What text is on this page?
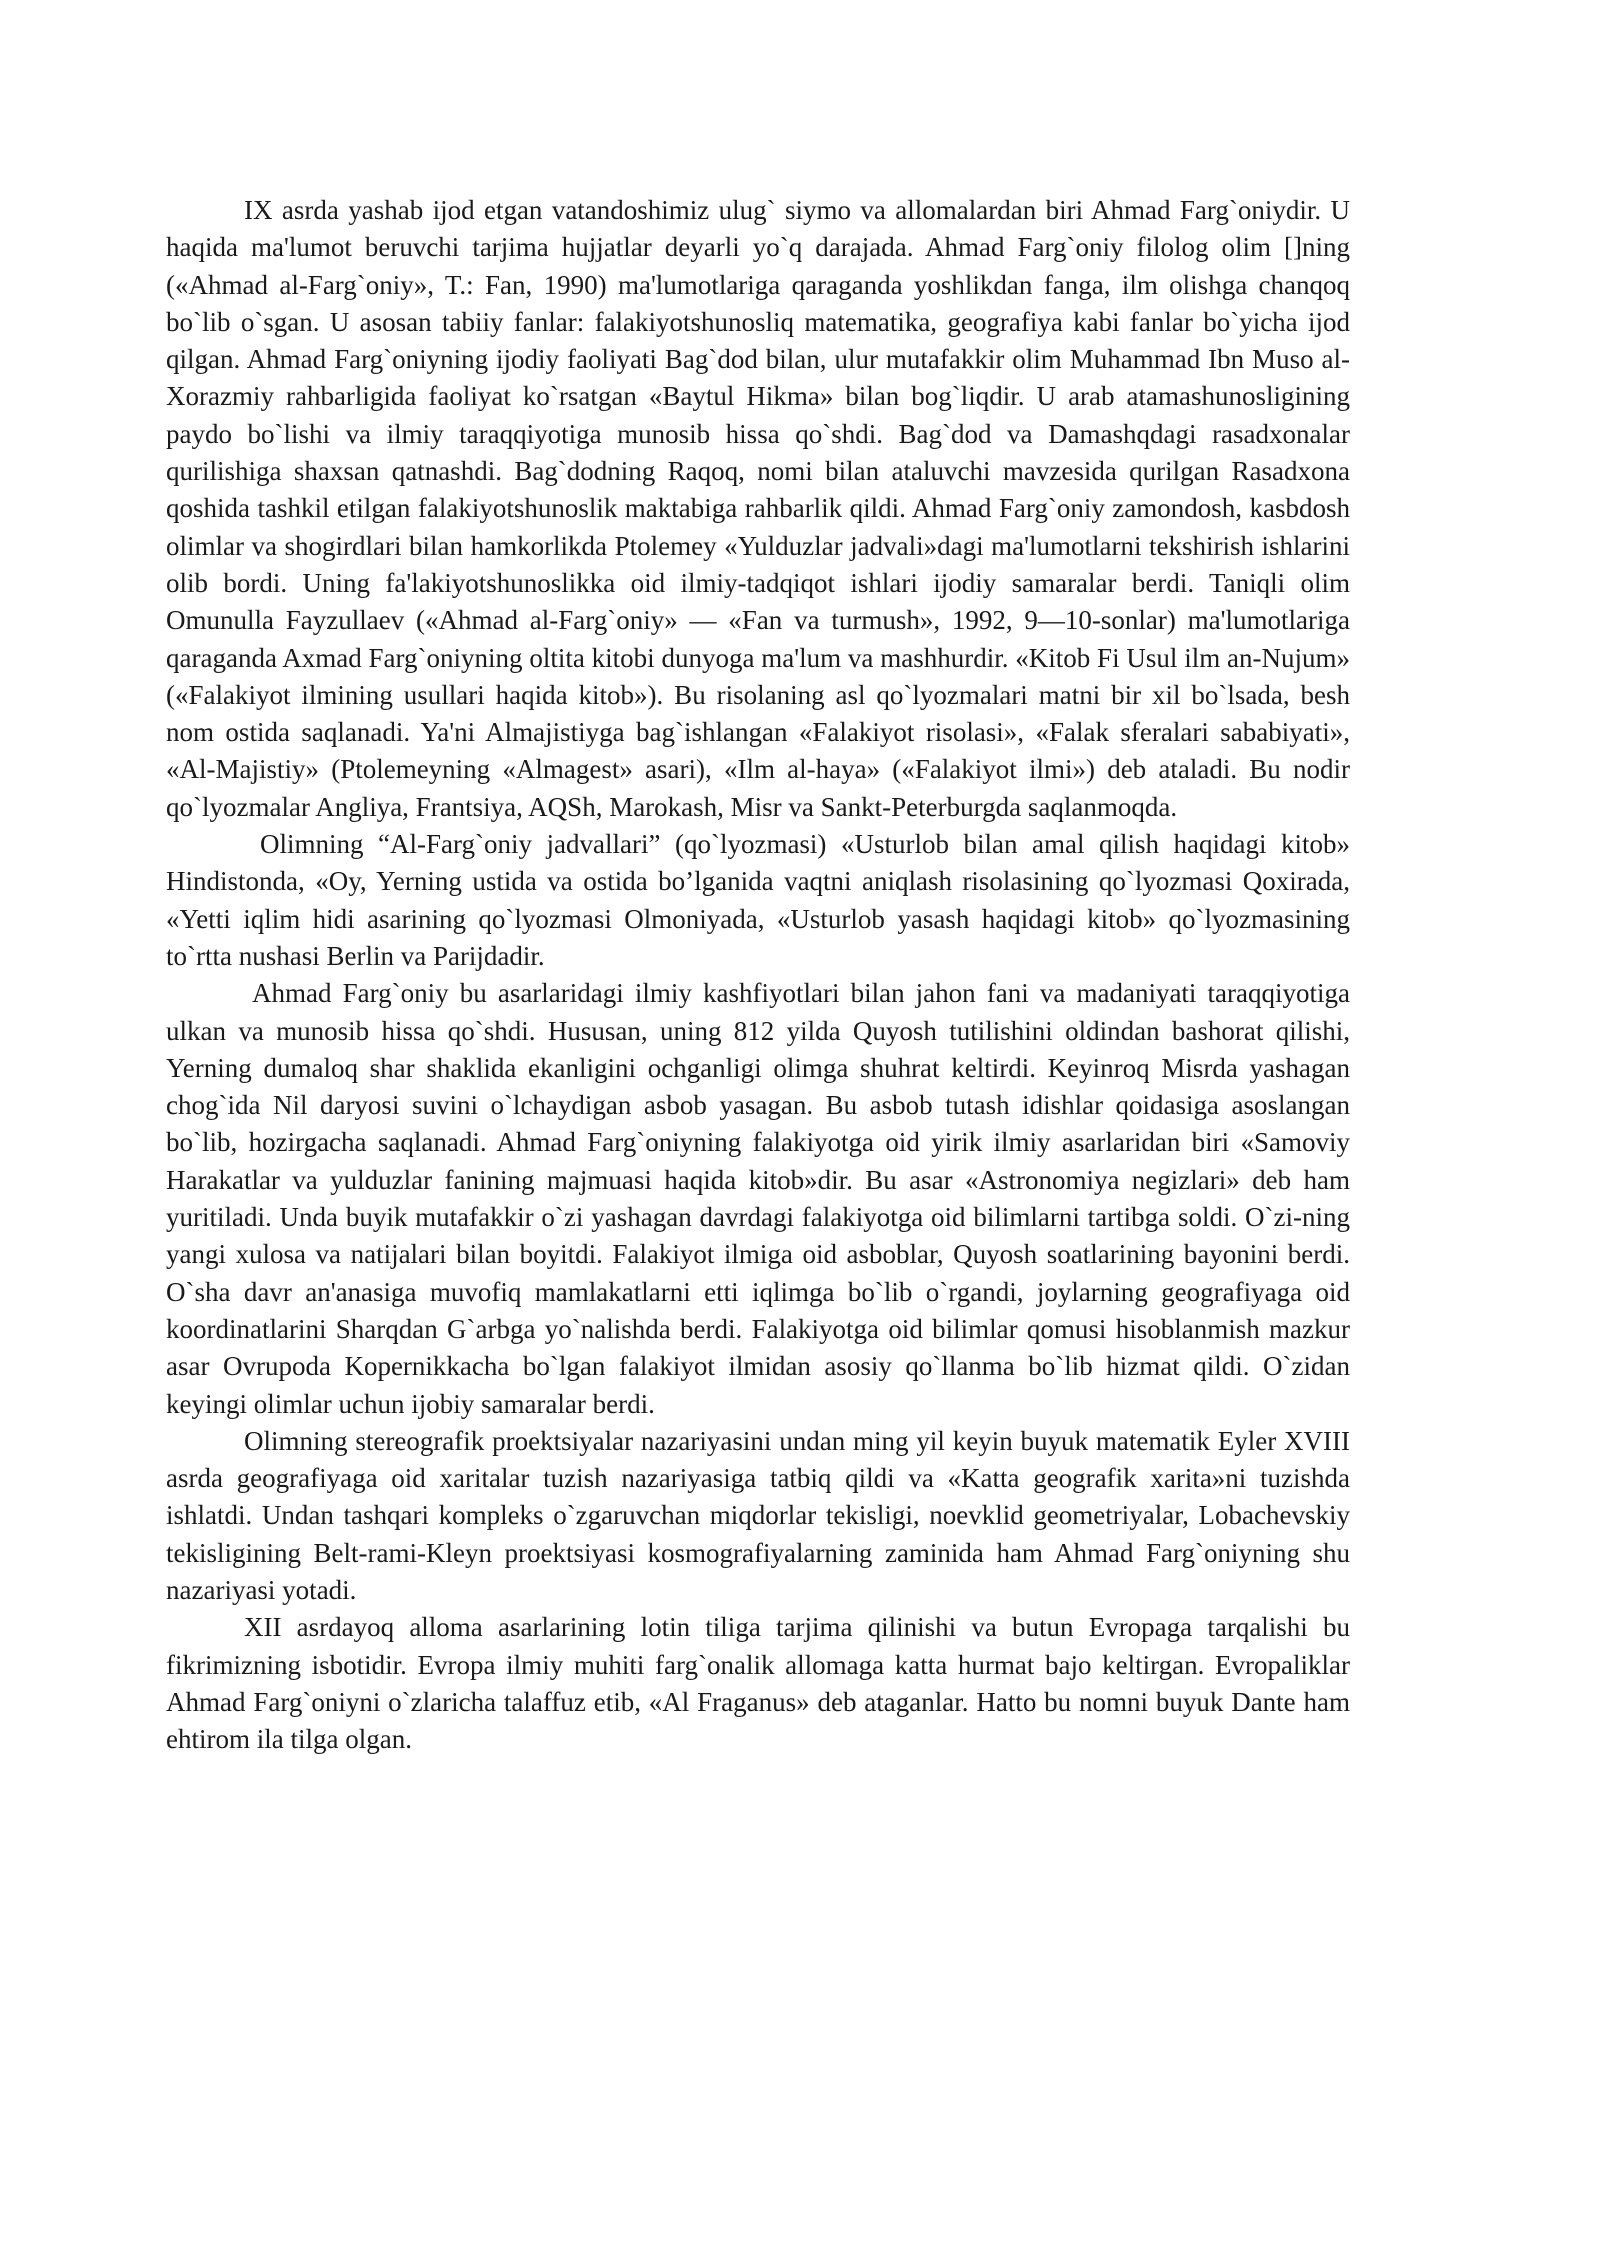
IX asrda yashab ijod etgan vatandoshimiz ulug` siymo va allomalardan biri Ahmad Farg`oniydir. U haqida ma'lumot beruvchi tarjima hujjatlar deyarli yo`q darajada. Ahmad Farg`oniy filolog olim []ning («Ahmad al-Farg`oniy», T.: Fan, 1990) ma'lumotlariga qaraganda yoshlikdan fanga, ilm olishga chanqoq bo`lib o`sgan. U asosan tabiiy fanlar: falakiyotshunosliq matematika, geografiya kabi fanlar bo`yicha ijod qilgan. Ahmad Farg`oniyning ijodiy faoliyati Bag`dod bilan, ulur mutafakkir olim Muhammad Ibn Muso al-Xorazmiy rahbarligida faoliyat ko`rsatgan «Baytul Hikma» bilan bog`liqdir. U arab atamashunosligining paydo bo`lishi va ilmiy taraqqiyotiga munosib hissa qo`shdi. Bag`dod va Damashqdagi rasadxonalar qurilishiga shaxsan qatnashdi. Bag`dodning Raqoq, nomi bilan ataluvchi mavzesida qurilgan Rasadxona qoshida tashkil etilgan falakiyotshunoslik maktabiga rahbarlik qildi. Ahmad Farg`oniy zamondosh, kasbdosh olimlar va shogirdlari bilan hamkorlikda Ptolemey «Yulduzlar jadvali»dagi ma'lumotlarni tekshirish ishlarini olib bordi. Uning fa'lakiyotshunoslikka oid ilmiy-tadqiqot ishlari ijodiy samaralar berdi. Taniqli olim Omunulla Fayzullaev («Ahmad al-Farg`oniy» — «Fan va turmush», 1992, 9—10-sonlar) ma'lumotlariga qaraganda Axmad Farg`oniyning oltita kitobi dunyoga ma'lum va mashhurdir. «Kitob Fi Usul ilm an-Nujum» («Falakiyot ilmining usullari haqida kitob»). Bu risolaning asl qo`lyozmalari matni bir xil bo`lsada, besh nom ostida saqlanadi. Ya'ni Almajistiyga bag`ishlangan «Falakiyot risolasi», «Falak sferalari sababiyati», «Al-Majistiy» (Ptolemeyning «Almagest» asari), «Ilm al-haya» («Falakiyot ilmi») deb ataladi. Bu nodir qo`lyozmalar Angliya, Frantsiya, AQSh, Marokash, Misr va Sankt-Peterburgda saqlanmoqda.

Olimning “Al-Farg`oniy jadvallari” (qo`lyozmasi) «Usturlob bilan amal qilish haqidagi kitob» Hindistonda, «Oy, Yerning ustida va ostida bo’lganida vaqtni aniqlash risolasining qo`lyozmasi Qoxirada, «Yetti iqlim hidi asarining qo`lyozmasi Olmoniyada, «Usturlob yasash haqidagi kitob» qo`lyozmasining to`rtta nushasi Berlin va Parijdadir.

Ahmad Farg`oniy bu asarlaridagi ilmiy kashfiyotlari bilan jahon fani va madaniyati taraqqiyotiga ulkan va munosib hissa qo`shdi. Hususan, uning 812 yilda Quyosh tutilishini oldindan bashorat qilishi, Yerning dumaloq shar shaklida ekanligini ochganligi olimga shuhrat keltirdi. Keyinroq Misrda yashagan chog`ida Nil daryosi suvini o`lchaydigan asbob yasagan. Bu asbob tutash idishlar qoidasiga asoslangan bo`lib, hozirgacha saqlanadi. Ahmad Farg`oniyning falakiyotga oid yirik ilmiy asarlaridan biri «Samoviy Harakatlar va yulduzlar fanining majmuasi haqida kitob»dir. Bu asar «Astronomiya negizlari» deb ham yuritiladi. Unda buyik mutafakkir o`zi yashagan davrdagi falakiyotga oid bilimlarni tartibga soldi. O`zi-ning yangi xulosa va natijalari bilan boyitdi. Falakiyot ilmiga oid asboblar, Quyosh soatlarining bayonini berdi. O`sha davr an'anasiga muvofiq mamlakatlarni etti iqlimga bo`lib o`rgandi, joylarning geografiyaga oid koordinatlarini Sharqdan G`arbga yo`nalishda berdi. Falakiyotga oid bilimlar qomusi hisoblanmish mazkur asar Ovrupoda Kopernikkacha bo`lgan falakiyot ilmidan asosiy qo`llanma bo`lib hizmat qildi. O`zidan keyingi olimlar uchun ijobiy samaralar berdi.

Olimning stereografik proektsiyalar nazariyasini undan ming yil keyin buyuk matematik Eyler XVIII asrda geografiyaga oid xaritalar tuzish nazariyasiga tatbiq qildi va «Katta geografik xarita»ni tuzishda ishlatdi. Undan tashqari kompleks o`zgaruvchan miqdorlar tekisligi, noevklid geometriyalar, Lobachevskiy tekisligining Belt-rami-Kleyn proektsiyasi kosmografiyalarning zaminida ham Ahmad Farg`oniyning shu nazariyasi yotadi.

XII asrdayoq alloma asarlarining lotin tiliga tarjima qilinishi va butun Evropaga tarqalishi bu fikrimizning isbotidir. Evropa ilmiy muhiti farg`onalik allomaga katta hurmat bajo keltirgan. Evropaliklar Ahmad Farg`oniyni o`zlaricha talaffuz etib, «Al Fraganus» deb ataganlar. Hatto bu nomni buyuk Dante ham ehtirom ila tilga olgan.
